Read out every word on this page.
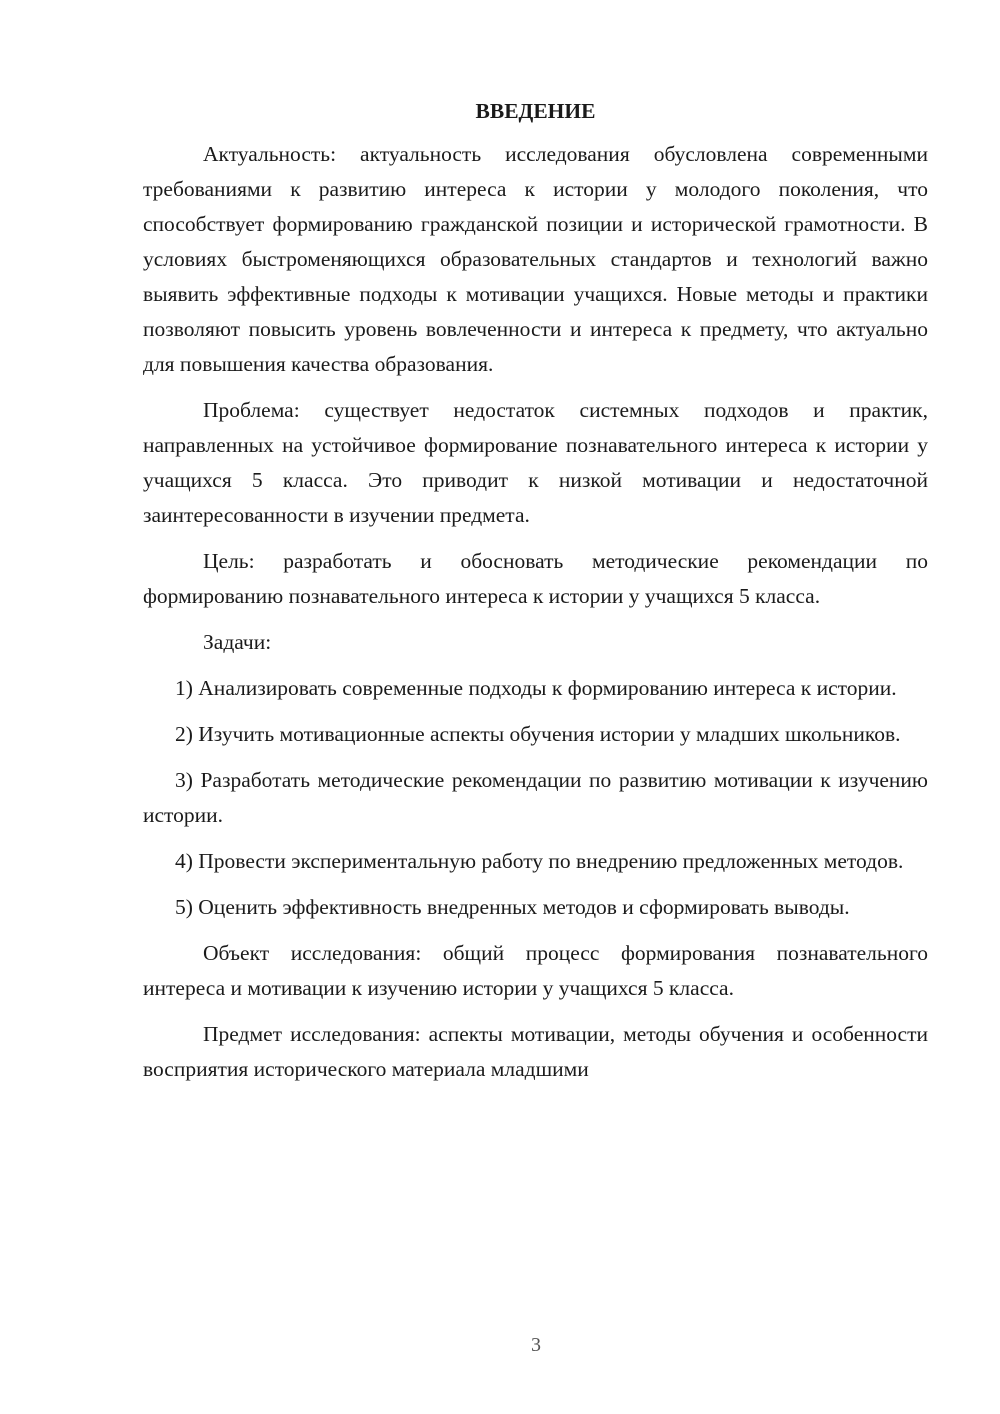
ВВЕДЕНИЕ

Актуальность: актуальность исследования обусловлена современными требованиями к развитию интереса к истории у молодого поколения, что способствует формированию гражданской позиции и исторической грамотности. В условиях быстроменяющихся образовательных стандартов и технологий важно выявить эффективные подходы к мотивации учащихся. Новые методы и практики позволяют повысить уровень вовлеченности и интереса к предмету, что актуально для повышения качества образования.

Проблема: существует недостаток системных подходов и практик, направленных на устойчивое формирование познавательного интереса к истории у учащихся 5 класса. Это приводит к низкой мотивации и недостаточной заинтересованности в изучении предмета.

Цель: разработать и обосновать методические рекомендации по формированию познавательного интереса к истории у учащихся 5 класса.

Задачи:

1) Анализировать современные подходы к формированию интереса к истории.

2) Изучить мотивационные аспекты обучения истории у младших школьников.

3) Разработать методические рекомендации по развитию мотивации к изучению истории.

4) Провести экспериментальную работу по внедрению предложенных методов.

5) Оценить эффективность внедренных методов и сформировать выводы.

Объект исследования: общий процесс формирования познавательного интереса и мотивации к изучению истории у учащихся 5 класса.

Предмет исследования: аспекты мотивации, методы обучения и особенности восприятия исторического материала младшими

3
